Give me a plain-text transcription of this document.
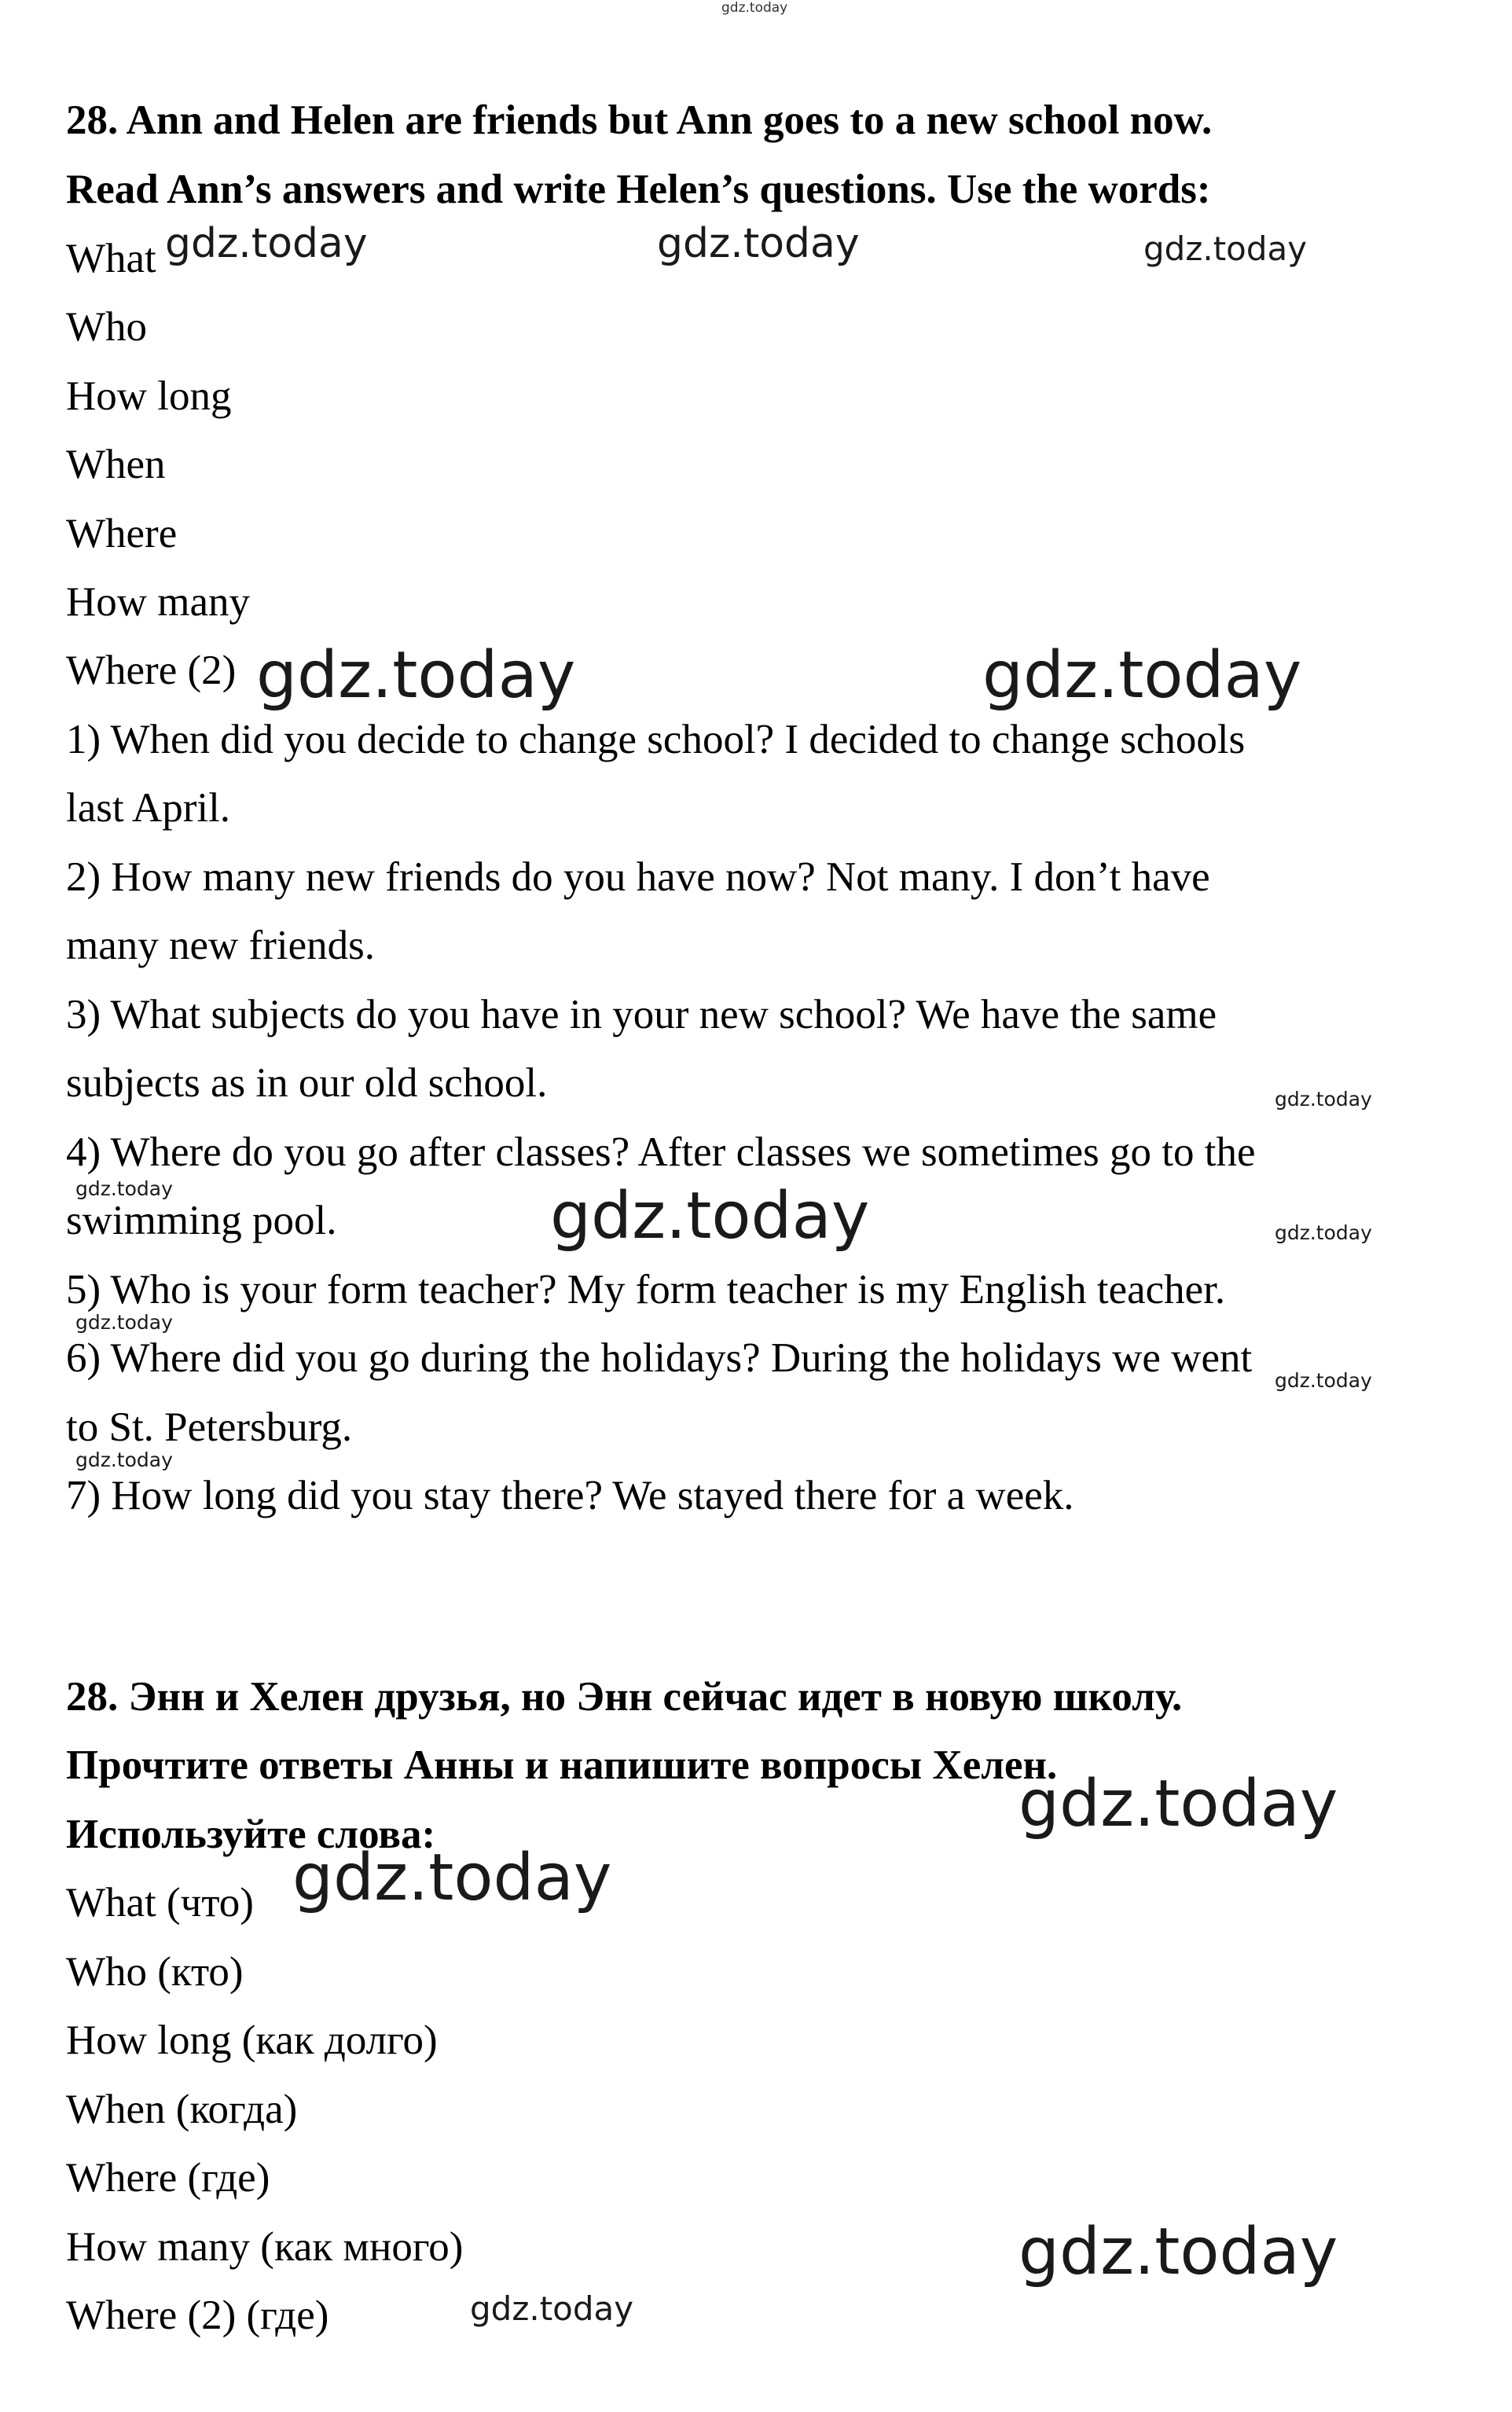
28. Ann and Helen are friends but Ann goes to a new school now.
Read Ann’s answers and write Helen’s questions. Use the words:
What
Who
How long
When
Where
How many
Where (2)
1) When did you decide to change school? I decided to change schools
last April.
2) How many new friends do you have now? Not many. I don’t have
many new friends.
3) What subjects do you have in your new school? We have the same
subjects as in our old school.
4) Where do you go after classes? After classes we sometimes go to the
swimming pool.
5) Who is your form teacher? My form teacher is my English teacher.
6) Where did you go during the holidays? During the holidays we went
to St. Petersburg.
7) How long did you stay there? We stayed there for a week.
28. Энн и Хелен друзья, но Энн сейчас идет в новую школу.
Прочтите ответы Анны и напишите вопросы Хелен.
Используйте слова:
What (что)
Who (кто)
How long (как долго)
When (когда)
Where (где)
How many (как много)
Where (2) (где)
gdz.today
gdz.today	gdz.today	gdz.today
gdz.today	gdz.today
gdz.today
gdz.today	gdz.today	gdz.today
gdz.today
gdz.today
gdz.today
gdz.today
gdz.today
gdz.today
gdz.today
